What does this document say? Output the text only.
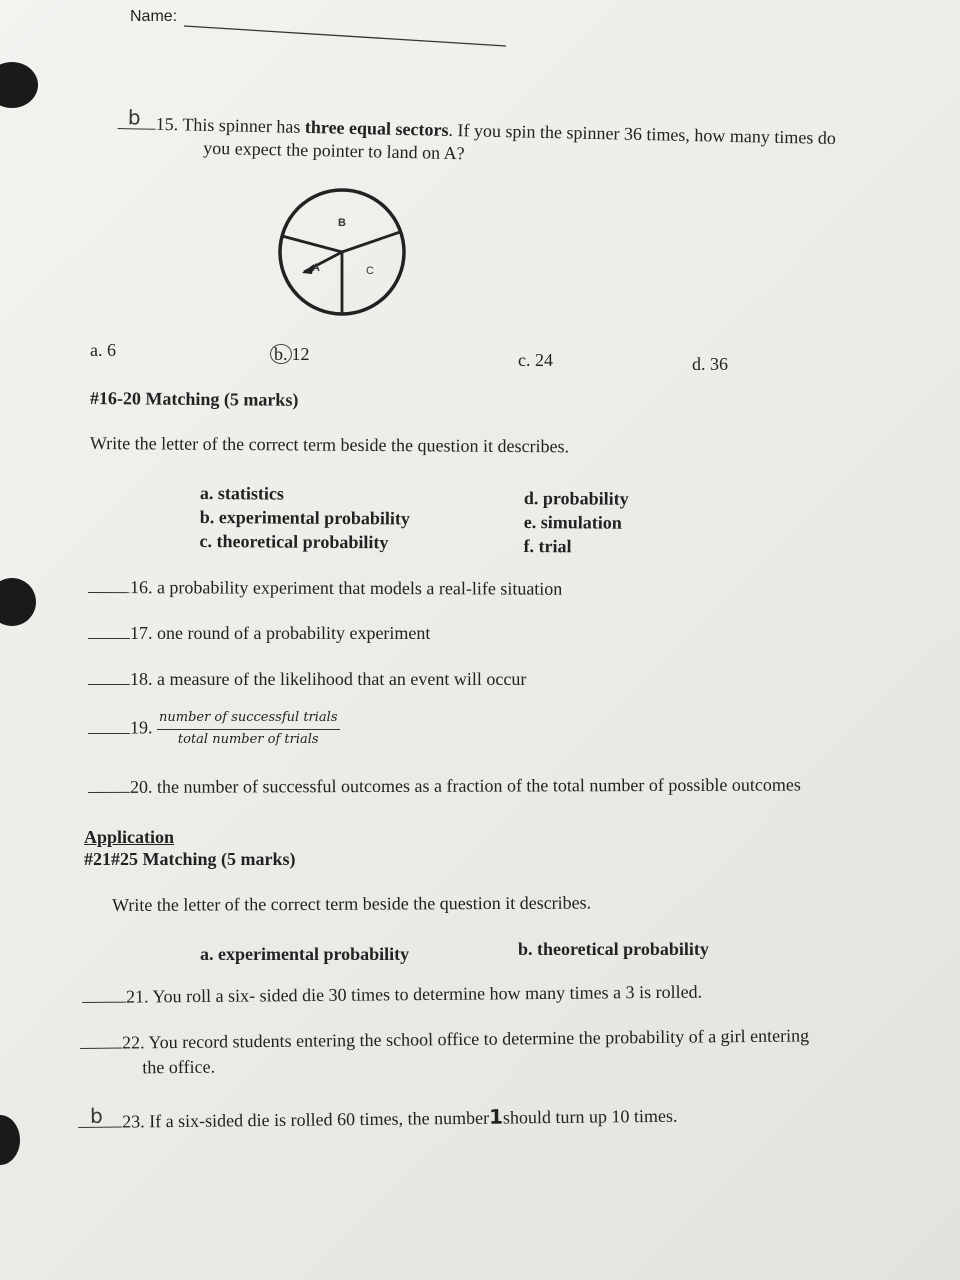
Name:
b 15. This spinner has three equal sectors. If you spin the spinner 36 times, how many times do
you expect the pointer to land on A?
B
A	C
a. 6	b. 12	c. 24	d. 36
#16-20 Matching (5 marks)
Write the letter of the correct term beside the question it describes.
a. statistics
b. experimental probability
c. theoretical probability
d. probability
e. simulation
f. trial
16. a probability experiment that models a real-life situation
17. one round of a probability experiment
18. a measure of the likelihood that an event will occur
19. $\frac{\text{number of successful trials}}{\text{total number of trials}}$
20. the number of successful outcomes as a fraction of the total number of possible outcomes
Application
#21#25 Matching (5 marks)
Write the letter of the correct term beside the question it describes.
a. experimental probability	b. theoretical probability
21. You roll a six- sided die 30 times to determine how many times a 3 is rolled.
22. You record students entering the school office to determine the probability of a girl entering
the office.
b 23. If a six-sided die is rolled 60 times, the number1should turn up 10 times.
